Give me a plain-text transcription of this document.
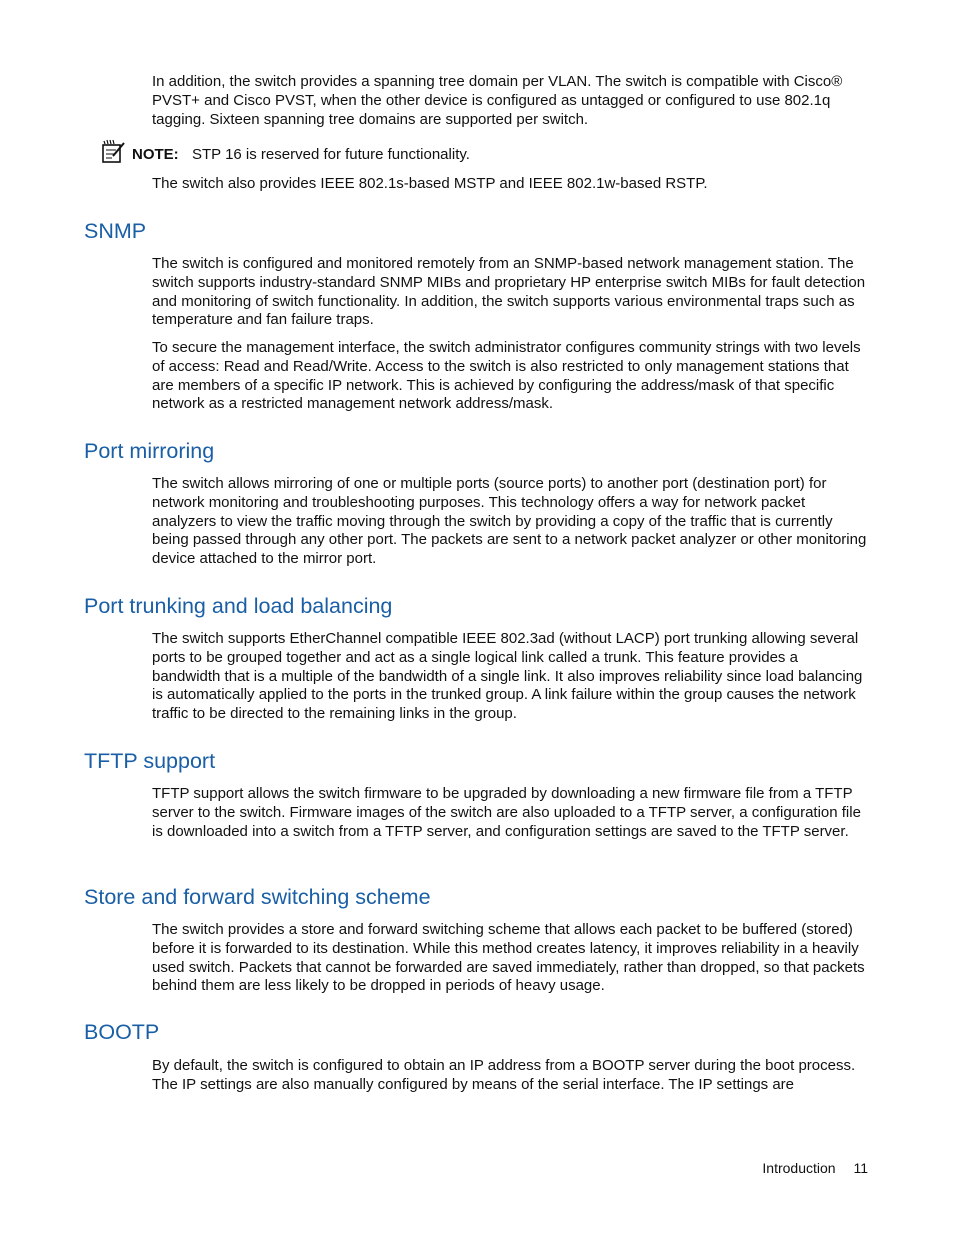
In addition, the switch provides a spanning tree domain per VLAN. The switch is compatible with Cisco® PVST+ and Cisco PVST, when the other device is configured as untagged or configured to use 802.1q tagging. Sixteen spanning tree domains are supported per switch.

NOTE: STP 16 is reserved for future functionality.

The switch also provides IEEE 802.1s-based MSTP and IEEE 802.1w-based RSTP.

SNMP

The switch is configured and monitored remotely from an SNMP-based network management station. The switch supports industry-standard SNMP MIBs and proprietary HP enterprise switch MIBs for fault detection and monitoring of switch functionality. In addition, the switch supports various environmental traps such as temperature and fan failure traps.

To secure the management interface, the switch administrator configures community strings with two levels of access: Read and Read/Write. Access to the switch is also restricted to only management stations that are members of a specific IP network. This is achieved by configuring the address/mask of that specific network as a restricted management network address/mask.

Port mirroring

The switch allows mirroring of one or multiple ports (source ports) to another port (destination port) for network monitoring and troubleshooting purposes. This technology offers a way for network packet analyzers to view the traffic moving through the switch by providing a copy of the traffic that is currently being passed through any other port. The packets are sent to a network packet analyzer or other monitoring device attached to the mirror port.

Port trunking and load balancing

The switch supports EtherChannel compatible IEEE 802.3ad (without LACP) port trunking allowing several ports to be grouped together and act as a single logical link called a trunk. This feature provides a bandwidth that is a multiple of the bandwidth of a single link. It also improves reliability since load balancing is automatically applied to the ports in the trunked group. A link failure within the group causes the network traffic to be directed to the remaining links in the group.

TFTP support

TFTP support allows the switch firmware to be upgraded by downloading a new firmware file from a TFTP server to the switch. Firmware images of the switch are also uploaded to a TFTP server, a configuration file is downloaded into a switch from a TFTP server, and configuration settings are saved to the TFTP server.

Store and forward switching scheme

The switch provides a store and forward switching scheme that allows each packet to be buffered (stored) before it is forwarded to its destination. While this method creates latency, it improves reliability in a heavily used switch. Packets that cannot be forwarded are saved immediately, rather than dropped, so that packets behind them are less likely to be dropped in periods of heavy usage.

BOOTP

By default, the switch is configured to obtain an IP address from a BOOTP server during the boot process. The IP settings are also manually configured by means of the serial interface. The IP settings are

Introduction 11
